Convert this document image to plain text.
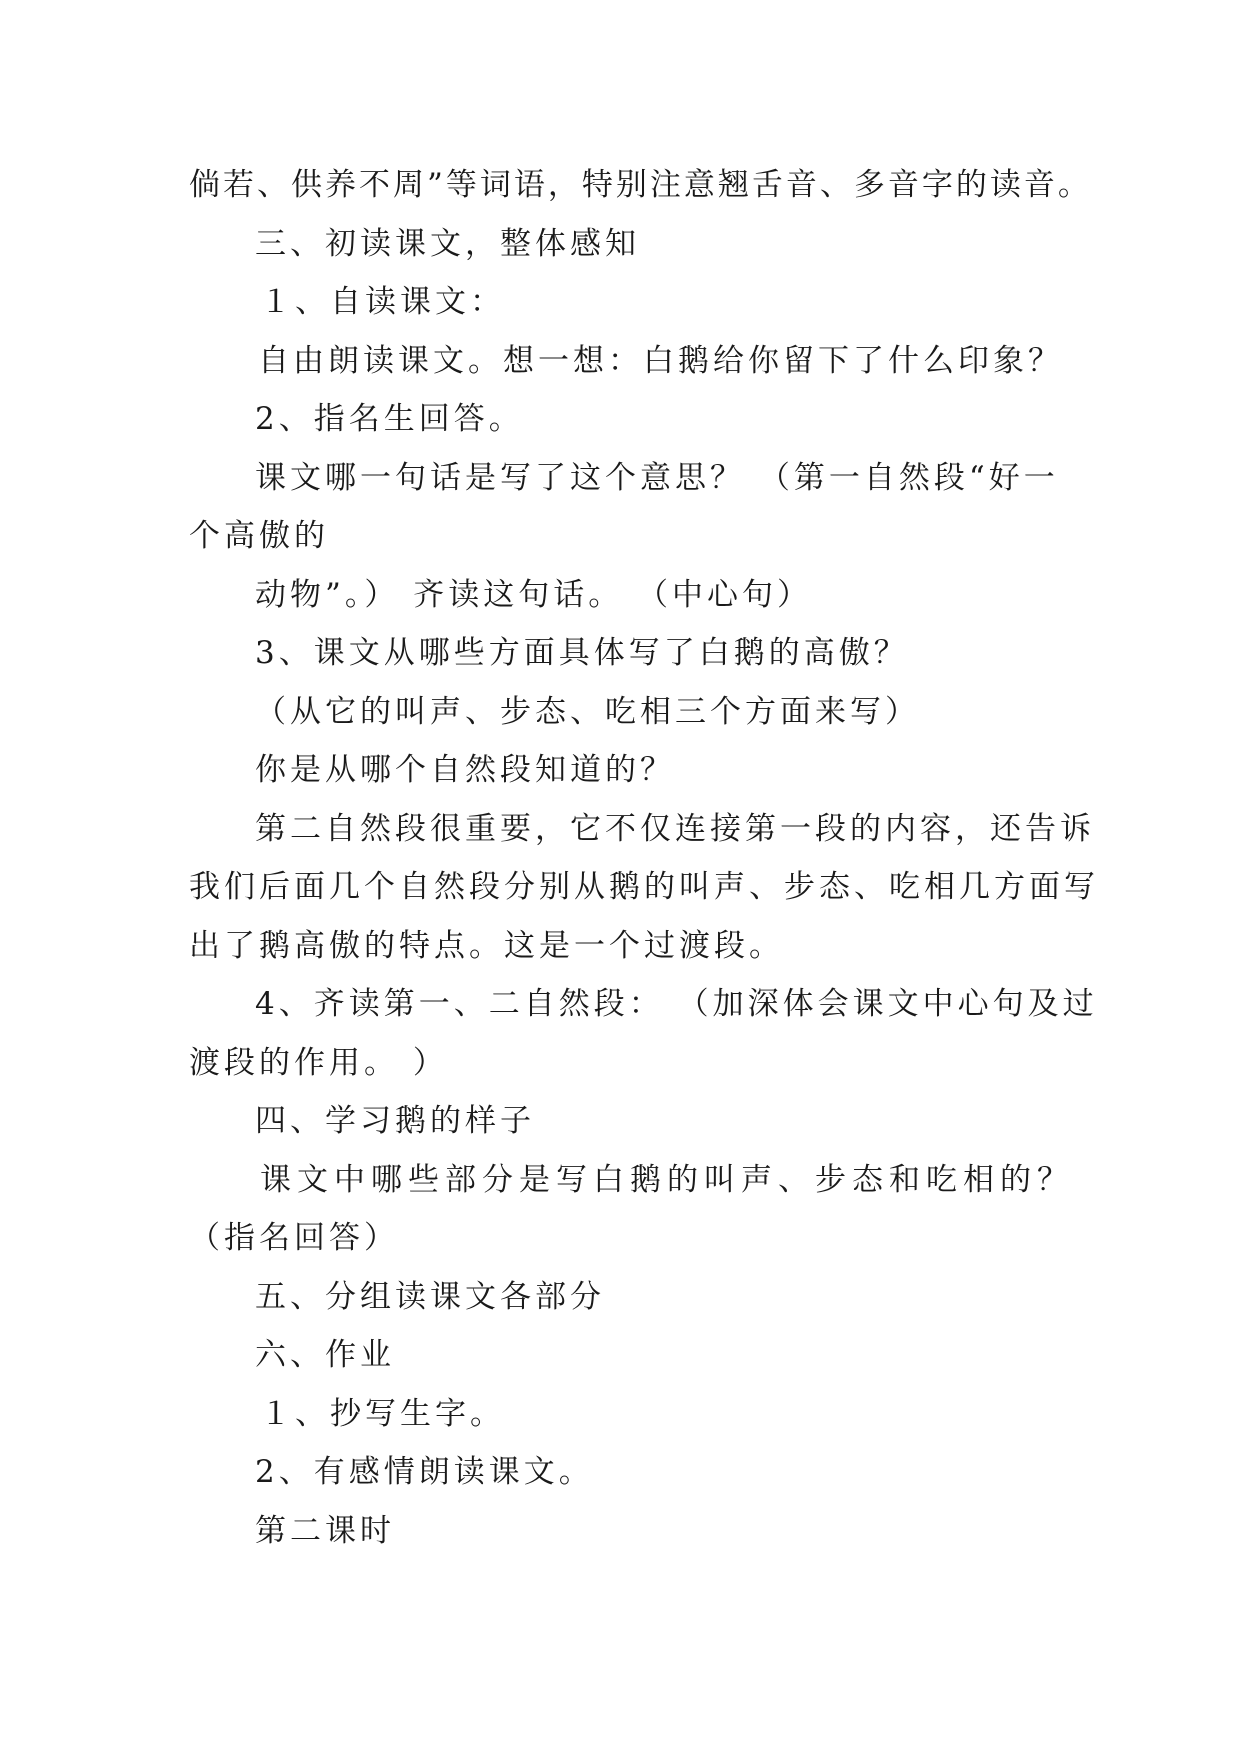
倘若、供养不周”等词语，特别注意翘舌音、多音字的读音。

三、初读课文，整体感知

１、自读课文：

自由朗读课文。想一想：白鹅给你留下了什么印象？

2、指名生回答。

课文哪一句话是写了这个意思？ （第一自然段“好一

个高傲的

动物”。） 齐读这句话。 （中心句）

3、课文从哪些方面具体写了白鹅的高傲？

（从它的叫声、步态、吃相三个方面来写）

你是从哪个自然段知道的？

第二自然段很重要，它不仅连接第一段的内容，还告诉

我们后面几个自然段分别从鹅的叫声、步态、吃相几方面写

出了鹅高傲的特点。这是一个过渡段。

4、齐读第一、二自然段： （加深体会课文中心句及过

渡段的作用。 ）

四、学习鹅的样子

课文中哪些部分是写白鹅的叫声、步态和吃相的？

（指名回答）

五、分组读课文各部分

六、作业

１、抄写生字。

2、有感情朗读课文。

第二课时
